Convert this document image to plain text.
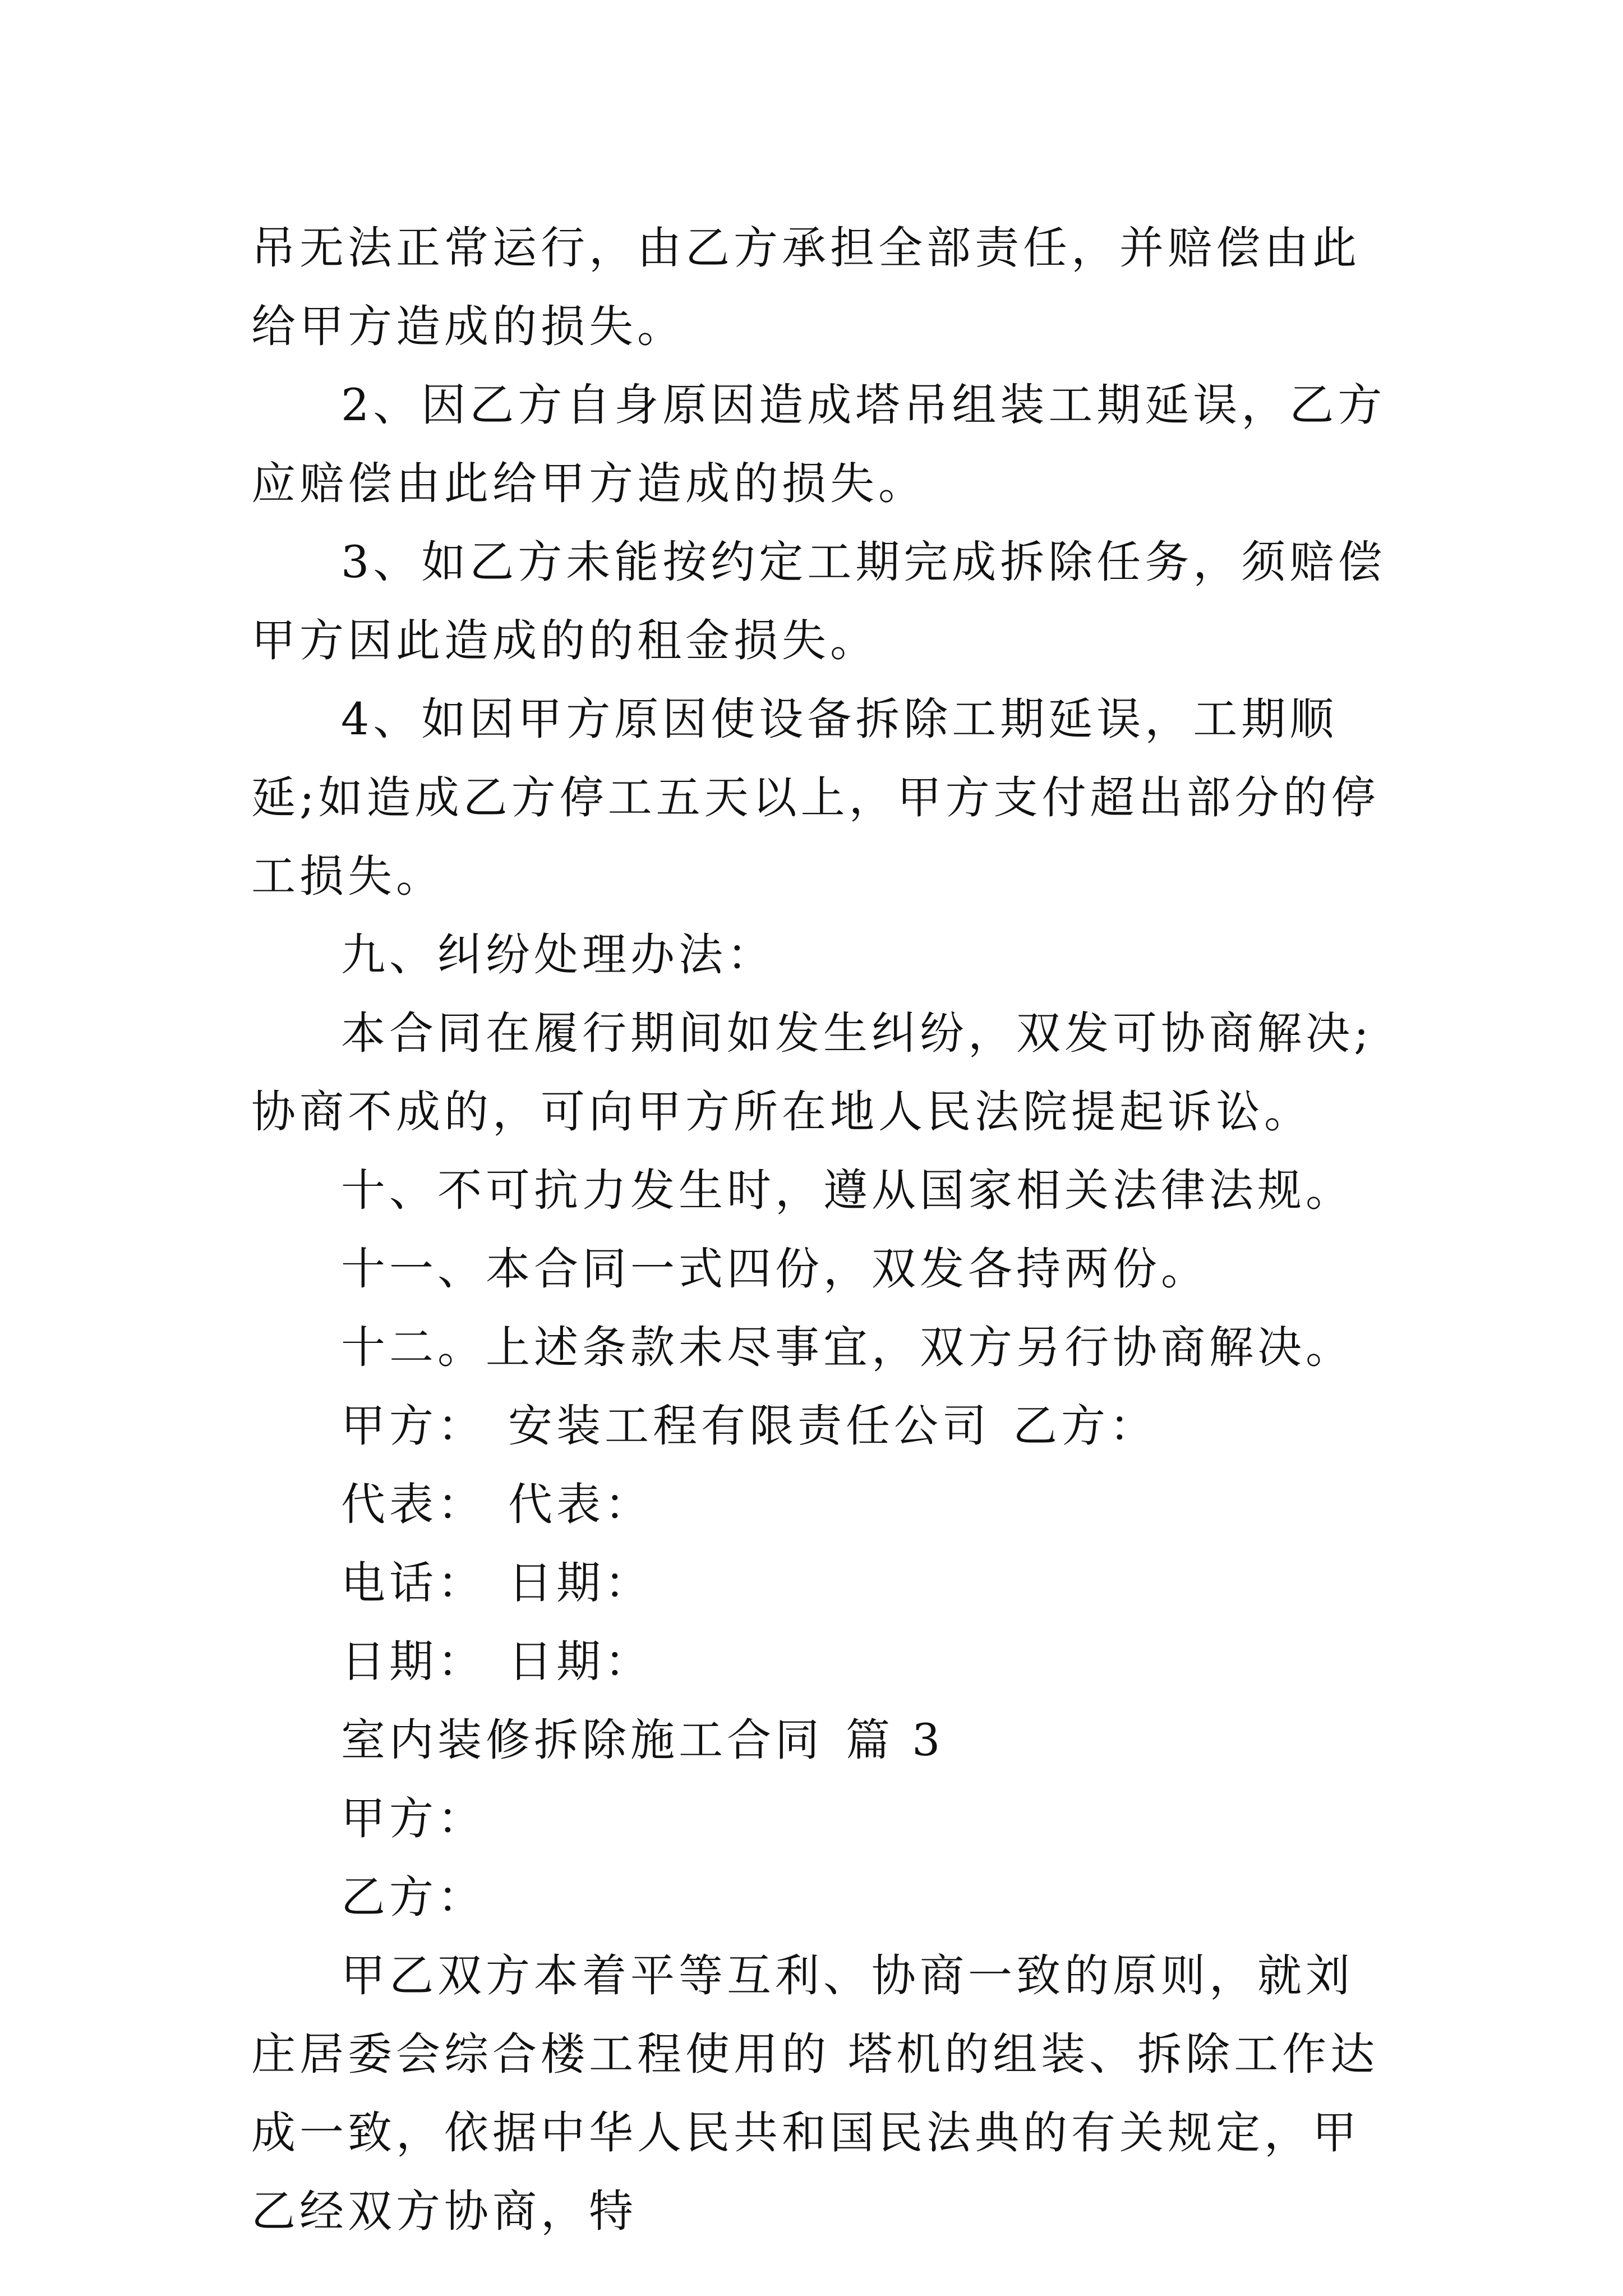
吊无法正常运行，由乙方承担全部责任，并赔偿由此给甲方造成的损失。

2、因乙方自身原因造成塔吊组装工期延误，乙方应赔偿由此给甲方造成的损失。

3、如乙方未能按约定工期完成拆除任务，须赔偿甲方因此造成的的租金损失。

4、如因甲方原因使设备拆除工期延误，工期顺延;如造成乙方停工五天以上，甲方支付超出部分的停工损失。

九、纠纷处理办法：

本合同在履行期间如发生纠纷，双发可协商解决;协商不成的，可向甲方所在地人民法院提起诉讼。

十、不可抗力发生时，遵从国家相关法律法规。

十一、本合同一式四份，双发各持两份。

十二。上述条款未尽事宜，双方另行协商解决。

甲方： 安装工程有限责任公司 乙方：

代表： 代表：

电话： 日期：

日期： 日期：

室内装修拆除施工合同 篇 3

甲方：

乙方：

甲乙双方本着平等互利、协商一致的原则，就刘庄居委会综合楼工程使用的 塔机的组装、拆除工作达成一致，依据中华人民共和国民法典的有关规定，甲乙经双方协商，特
